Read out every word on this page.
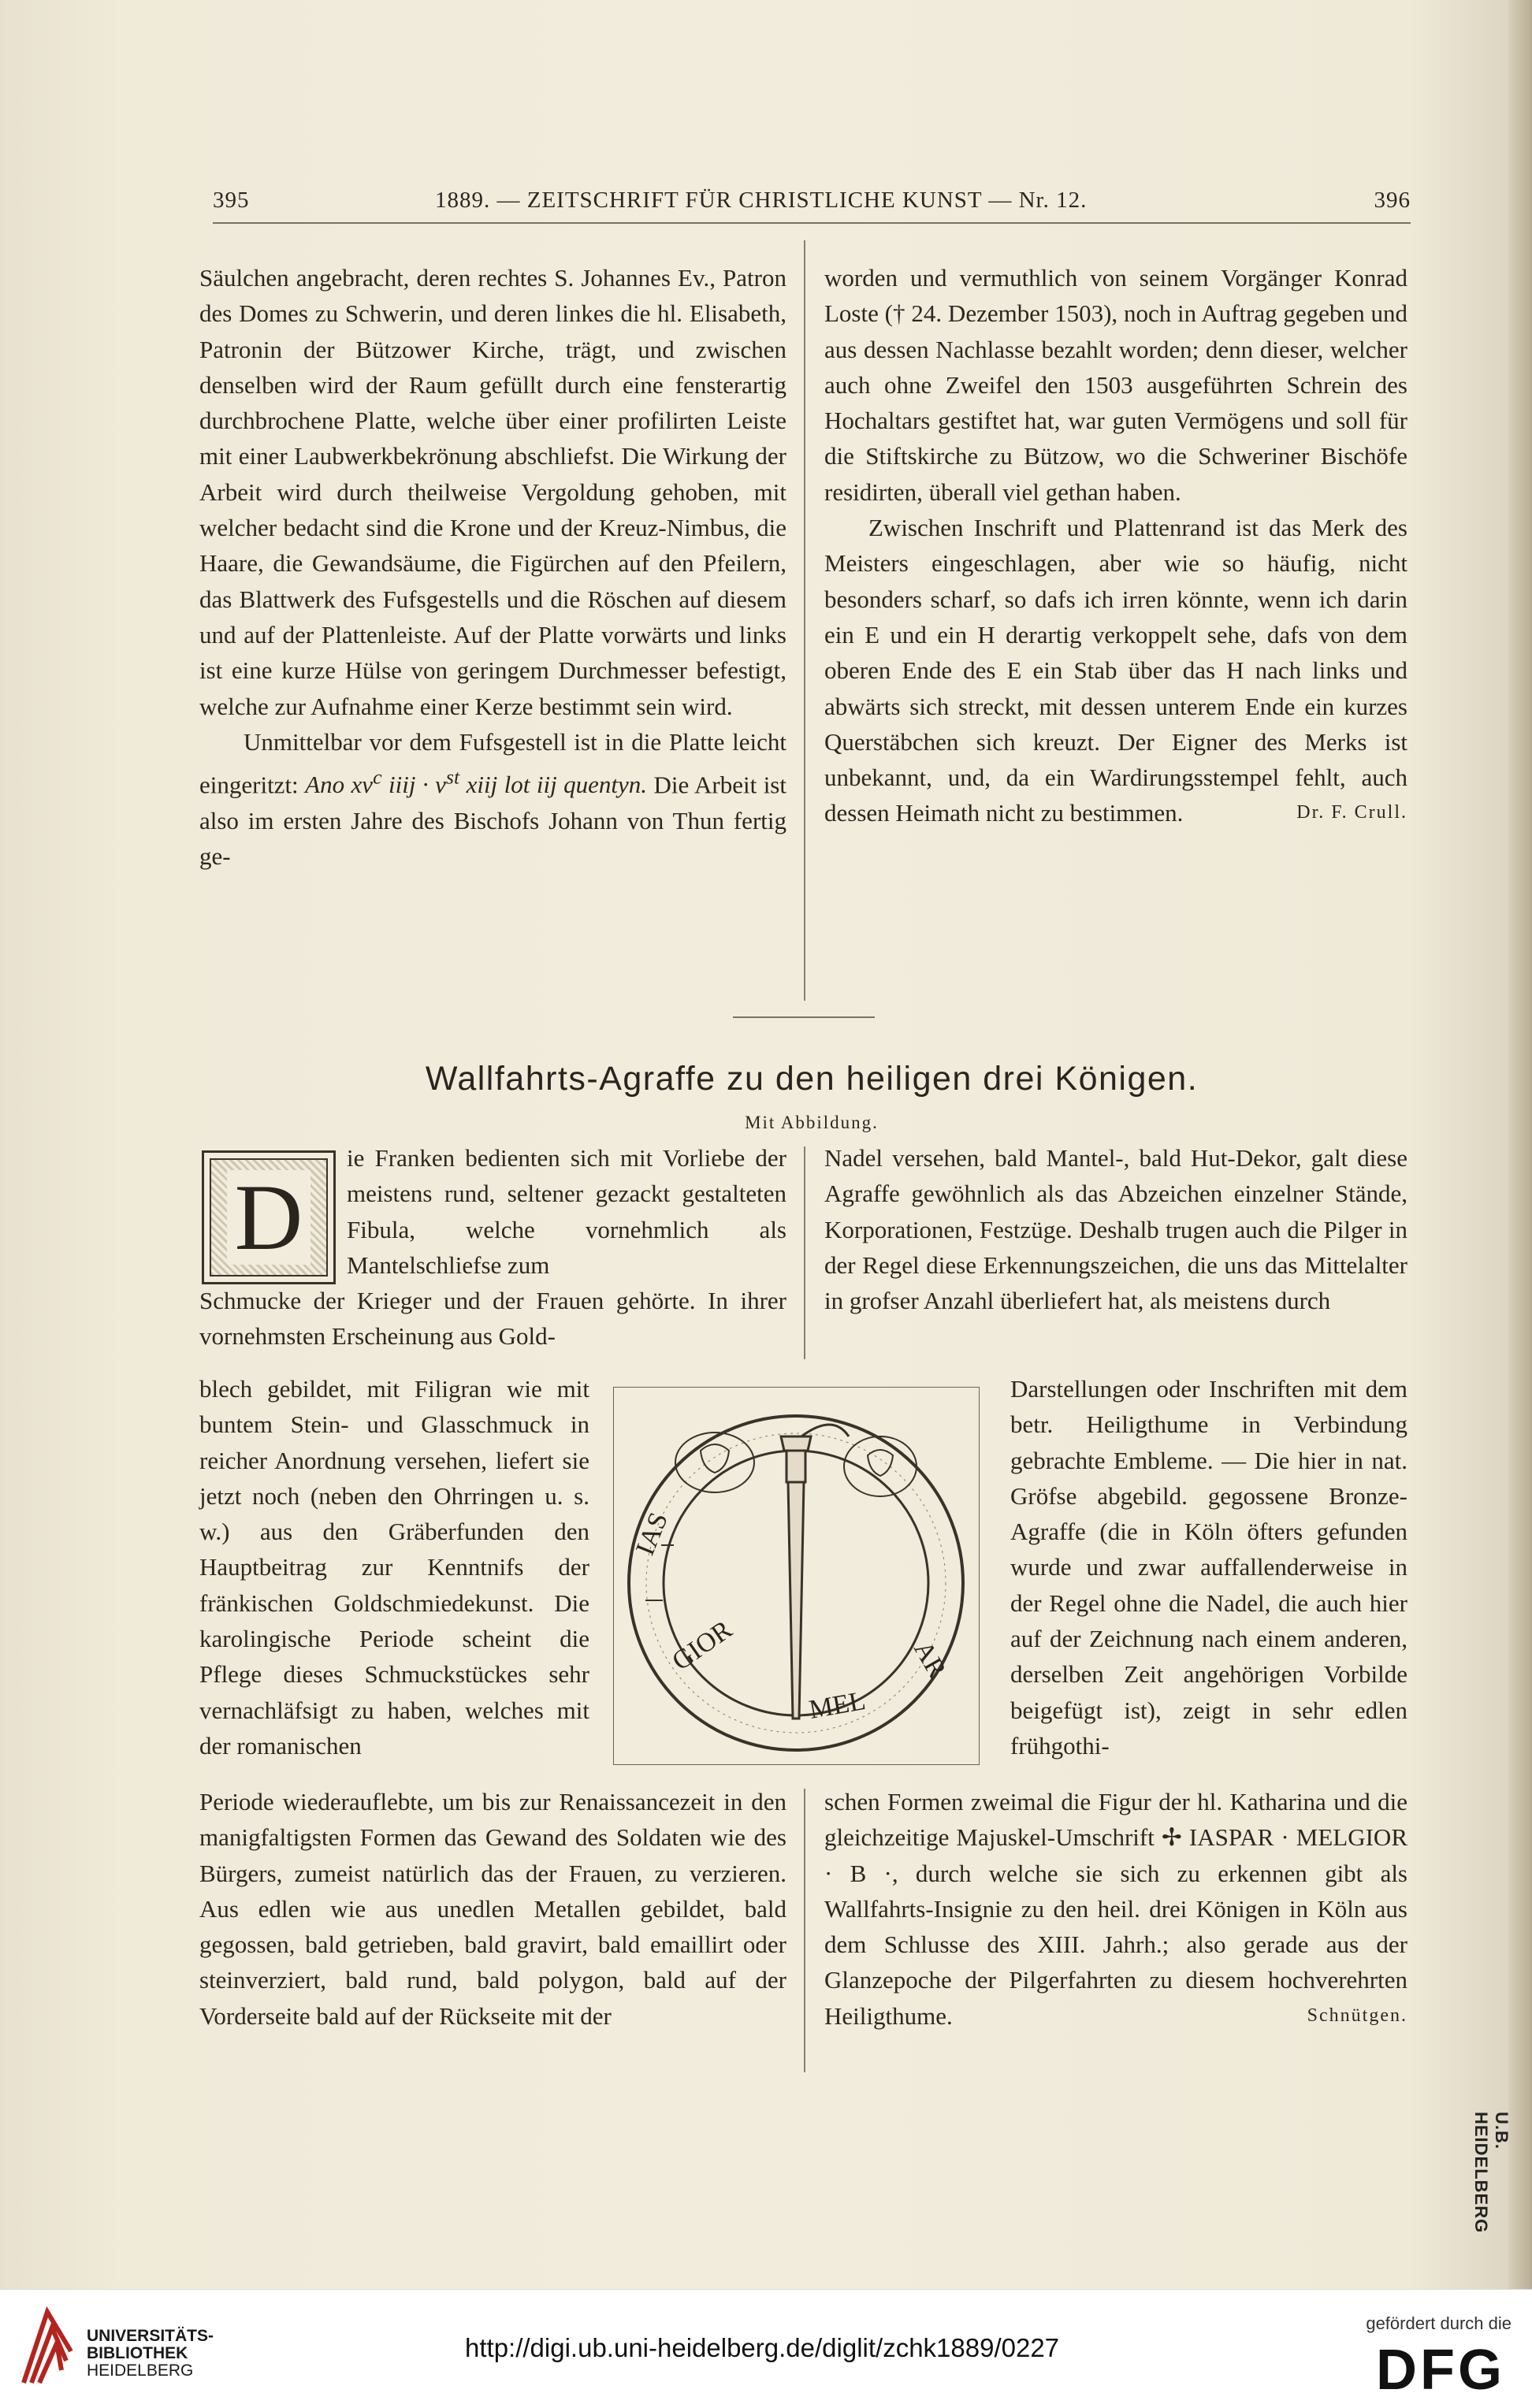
395	1889. — ZEITSCHRIFT FÜR CHRISTLICHE KUNST — Nr. 12.	396

Säulchen angebracht, deren rechtes S. Johannes Ev., Patron des Domes zu Schwerin, und deren linkes die hl. Elisabeth, Patronin der Bützower Kirche, trägt, und zwischen denselben wird der Raum gefüllt durch eine fensterartig durchbrochene Platte, welche über einer profilirten Leiste mit einer Laubwerkbekrönung abschliefst. Die Wirkung der Arbeit wird durch theilweise Vergoldung gehoben, mit welcher bedacht sind die Krone und der Kreuz-Nimbus, die Haare, die Gewandsäume, die Figürchen auf den Pfeilern, das Blattwerk des Fufsgestells und die Röschen auf diesem und auf der Plattenleiste. Auf der Platte vorwärts und links ist eine kurze Hülse von geringem Durchmesser befestigt, welche zur Aufnahme einer Kerze bestimmt sein wird.

Unmittelbar vor dem Fufsgestell ist in die Platte leicht eingeritzt: Ano $xv^c$ iiij · $v^{st}$ xiij lot iij quentyn. Die Arbeit ist also im ersten Jahre des Bischofs Johann von Thun fertig ge-

worden und vermuthlich von seinem Vorgänger Konrad Loste († 24. Dezember 1503), noch in Auftrag gegeben und aus dessen Nachlasse bezahlt worden; denn dieser, welcher auch ohne Zweifel den 1503 ausgeführten Schrein des Hochaltars gestiftet hat, war guten Vermögens und soll für die Stiftskirche zu Bützow, wo die Schweriner Bischöfe residirten, überall viel gethan haben.

Zwischen Inschrift und Plattenrand ist das Merk des Meisters eingeschlagen, aber wie so häufig, nicht besonders scharf, so dafs ich irren könnte, wenn ich darin ein E und ein H derartig verkoppelt sehe, dafs von dem oberen Ende des E ein Stab über das H nach links und abwärts sich streckt, mit dessen unterem Ende ein kurzes Querstäbchen sich kreuzt. Der Eigner des Merks ist unbekannt, und, da ein Wardirungsstempel fehlt, auch dessen Heimath nicht zu bestimmen.	Dr. F. Crull.

Wallfahrts-Agraffe zu den heiligen drei Königen.
Mit Abbildung.
D
ie Franken bedienten sich mit Vorliebe der meistens rund, seltener gezackt gestalteten Fibula, welche vornehmlich als Mantelschliefse zum
Schmucke der Krieger und der Frauen gehörte. In ihrer vornehmsten Erscheinung aus Gold-
blech gebildet, mit Filigran wie mit buntem Stein- und Glasschmuck in reicher Anordnung versehen, liefert sie jetzt noch (neben den Ohrringen u. s. w.) aus den Gräberfunden den Hauptbeitrag zur Kenntnifs der fränkischen Goldschmiedekunst. Die karolingische Periode scheint die Pflege dieses Schmuckstückes sehr vernachläfsigt zu haben, welches mit der romanischen
Periode wiederauflebte, um bis zur Renaissancezeit in den manigfaltigsten Formen das Gewand des Soldaten wie des Bürgers, zumeist natürlich das der Frauen, zu verzieren. Aus edlen wie aus unedlen Metallen gebildet, bald gegossen, bald getrieben, bald gravirt, bald emaillirt oder steinverziert, bald rund, bald polygon, bald auf der Vorderseite bald auf der Rückseite mit der
Nadel versehen, bald Mantel-, bald Hut-Dekor, galt diese Agraffe gewöhnlich als das Abzeichen einzelner Stände, Korporationen, Festzüge. Deshalb trugen auch die Pilger in der Regel diese Erkennungszeichen, die uns das Mittelalter in grofser Anzahl überliefert hat, als meistens durch
Darstellungen oder Inschriften mit dem betr. Heiligthume in Verbindung gebrachte Embleme. — Die hier in nat. Gröfse abgebild. gegossene Bronze-Agraffe (die in Köln öfters gefunden wurde und zwar auffallenderweise in der Regel ohne die Nadel, die auch hier auf der Zeichnung nach einem anderen, derselben Zeit angehörigen Vorbilde beigefügt ist), zeigt in sehr edlen frühgothi-
schen Formen zweimal die Figur der hl. Katharina und die gleichzeitige Majuskel-Umschrift ✢ IASPAR · MELGIOR · B ·, durch welche sie sich zu erkennen gibt als Wallfahrts-Insignie zu den heil. drei Königen in Köln aus dem Schlusse des XIII. Jahrh.; also gerade aus der Glanzepoche der Pilgerfahrten zu diesem hochverehrten Heiligthume.	Schnütgen.
IAS
GIOR
MEL
AR
U.B. HEIDELBERG
UNIVERSITÄTS-
BIBLIOTHEK
HEIDELBERG
http://digi.ub.uni-heidelberg.de/diglit/zchk1889/0227
gefördert durch die
DFG
